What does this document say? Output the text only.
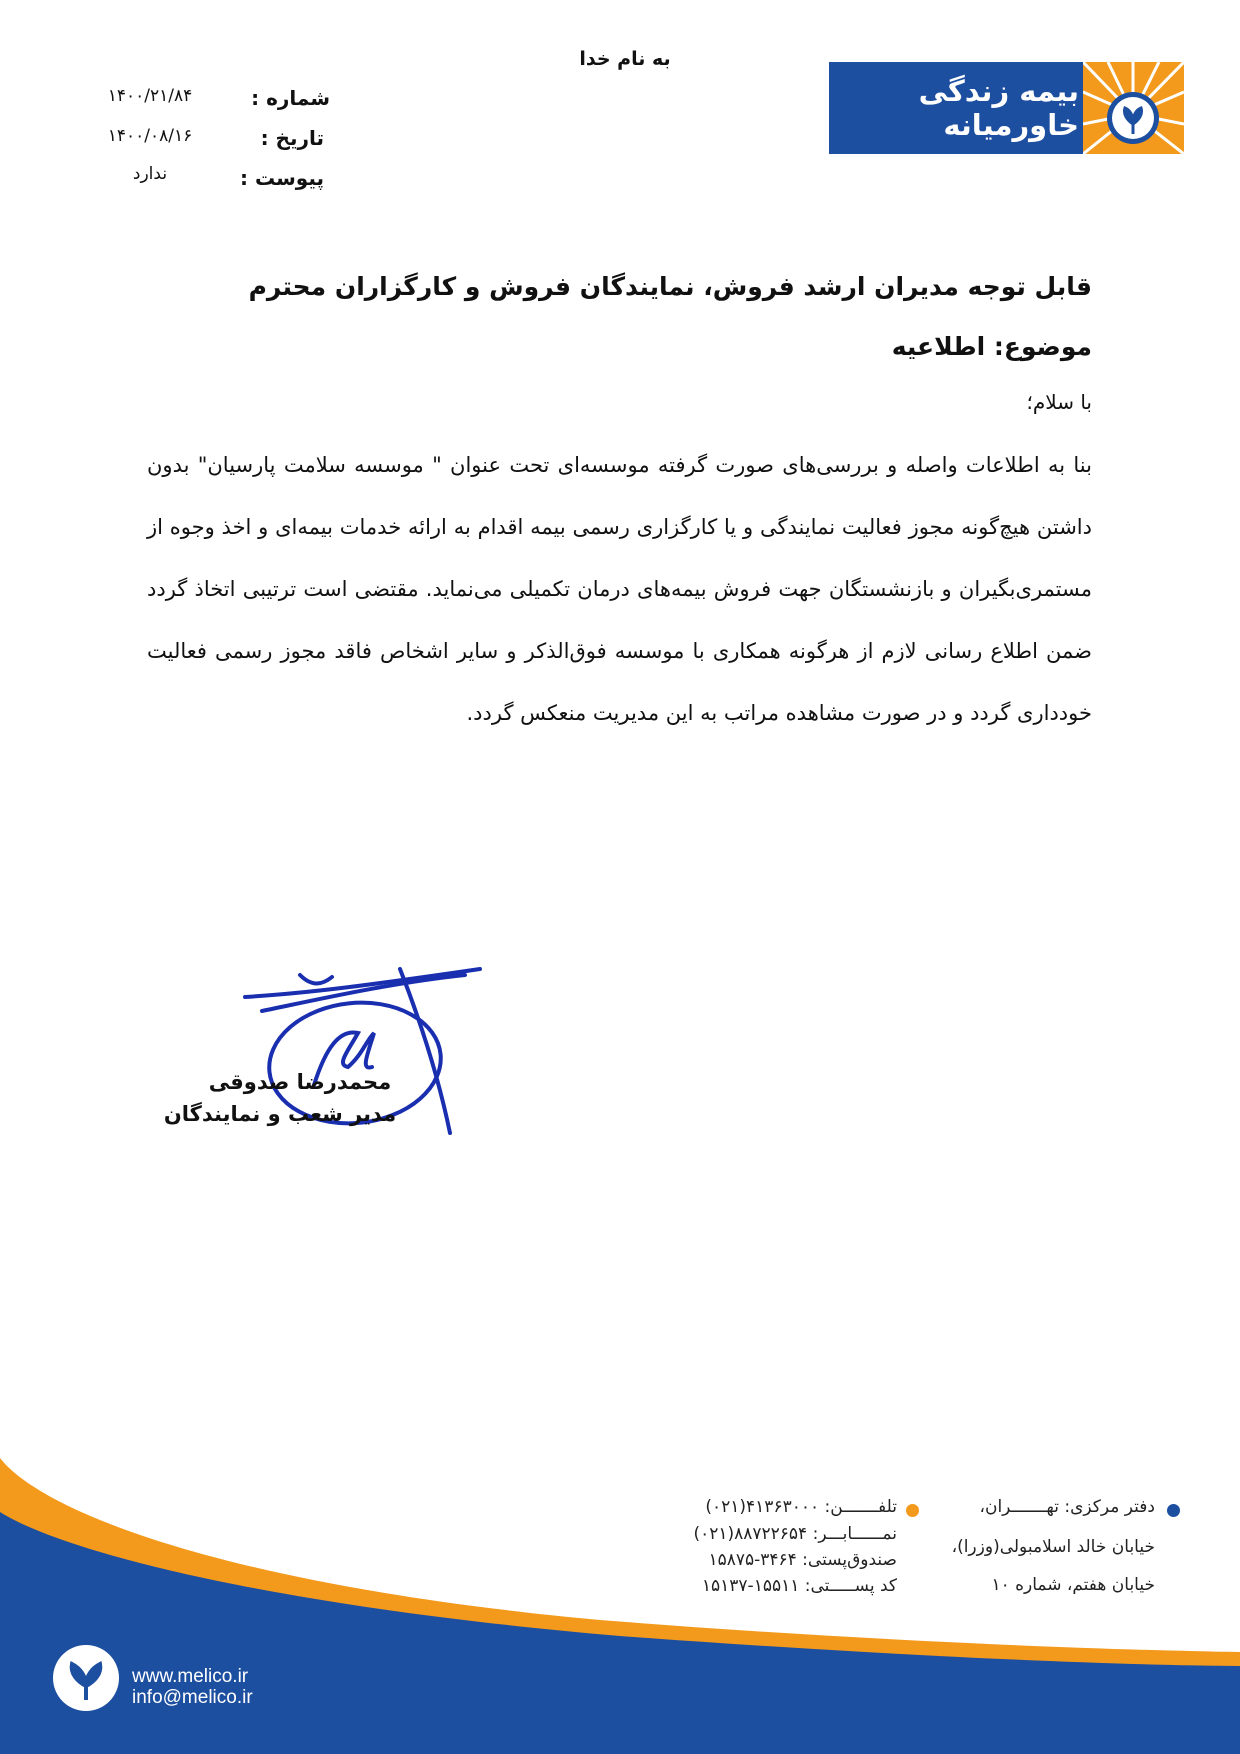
به نام خدا
بیمه زندگی خاورمیانه
شماره :
۱۴۰۰/۲۱/۸۴
تاریخ :
۱۴۰۰/۰۸/۱۶
پیوست :
ندارد
قابل توجه مدیران ارشد فروش، نمایندگان فروش و کارگزاران محترم
موضوع: اطلاعیه
با سلام؛
بنا به اطلاعات واصله و بررسی‌های صورت گرفته موسسه‌ای تحت عنوان " موسسه سلامت پارسیان" بدون داشتن هیچ‌گونه مجوز فعالیت نمایندگی و یا کارگزاری رسمی بیمه اقدام به ارائه خدمات بیمه‌ای و اخذ وجوه از مستمری‌بگیران و بازنشستگان جهت فروش بیمه‌های درمان تکمیلی می‌نماید. مقتضی است ترتیبی اتخاذ گردد ضمن اطلاع رسانی لازم از هرگونه همکاری با موسسه فوق‌الذکر و سایر اشخاص فاقد مجوز رسمی فعالیت خودداری گردد و در صورت مشاهده مراتب به این مدیریت منعکس گردد.
محمدرضا صدوقی
مدیر شعب و نمایندگان
دفتر مرکزی: تهـــــــران،
خیابان خالد اسلامبولی(وزرا)،
خیابان هفتم، شماره ۱۰
تلفـــــــن: ۴۱۳۶۳۰۰۰(۰۲۱)
نمــــــابـــر: ۸۸۷۲۲۶۵۴(۰۲۱)
صندوق‌پستی: ۳۴۶۴-۱۵۸۷۵
کد پســـــتی: ۱۵۵۱۱-۱۵۱۳۷
www.melico.ir
info@melico.ir
